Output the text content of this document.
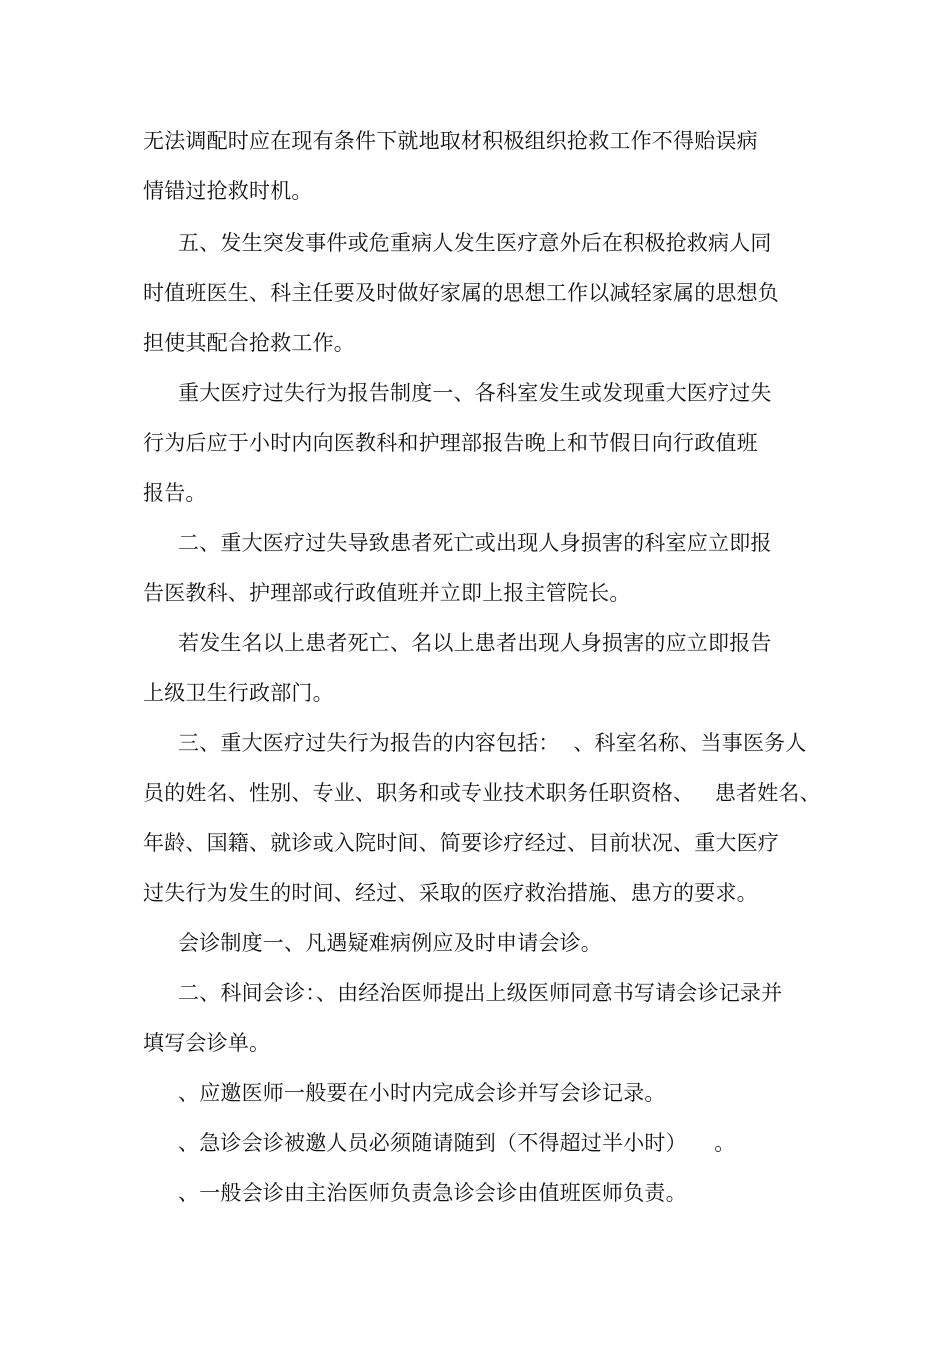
无法调配时应在现有条件下就地取材积极组织抢救工作不得贻误病
情错过抢救时机。
五、发生突发事件或危重病人发生医疗意外后在积极抢救病人同
时值班医生、科主任要及时做好家属的思想工作以减轻家属的思想负
担使其配合抢救工作。
重大医疗过失行为报告制度一、各科室发生或发现重大医疗过失
行为后应于小时内向医教科和护理部报告晚上和节假日向行政值班
报告。
二、重大医疗过失导致患者死亡或出现人身损害的科室应立即报
告医教科、护理部或行政值班并立即上报主管院长。
若发生名以上患者死亡、名以上患者出现人身损害的应立即报告
上级卫生行政部门。
三、重大医疗过失行为报告的内容包括：  、科室名称、当事医务人
员的姓名、性别、专业、职务和或专业技术职务任职资格、   患者姓名、
年龄、国籍、就诊或入院时间、简要诊疗经过、目前状况、重大医疗
过失行为发生的时间、经过、采取的医疗救治措施、患方的要求。
会诊制度一、凡遇疑难病例应及时申请会诊。
二、科间会诊：、由经治医师提出上级医师同意书写请会诊记录并
填写会诊单。
、应邀医师一般要在小时内完成会诊并写会诊记录。
、急诊会诊被邀人员必须随请随到（不得超过半小时）    。
、一般会诊由主治医师负责急诊会诊由值班医师负责。
